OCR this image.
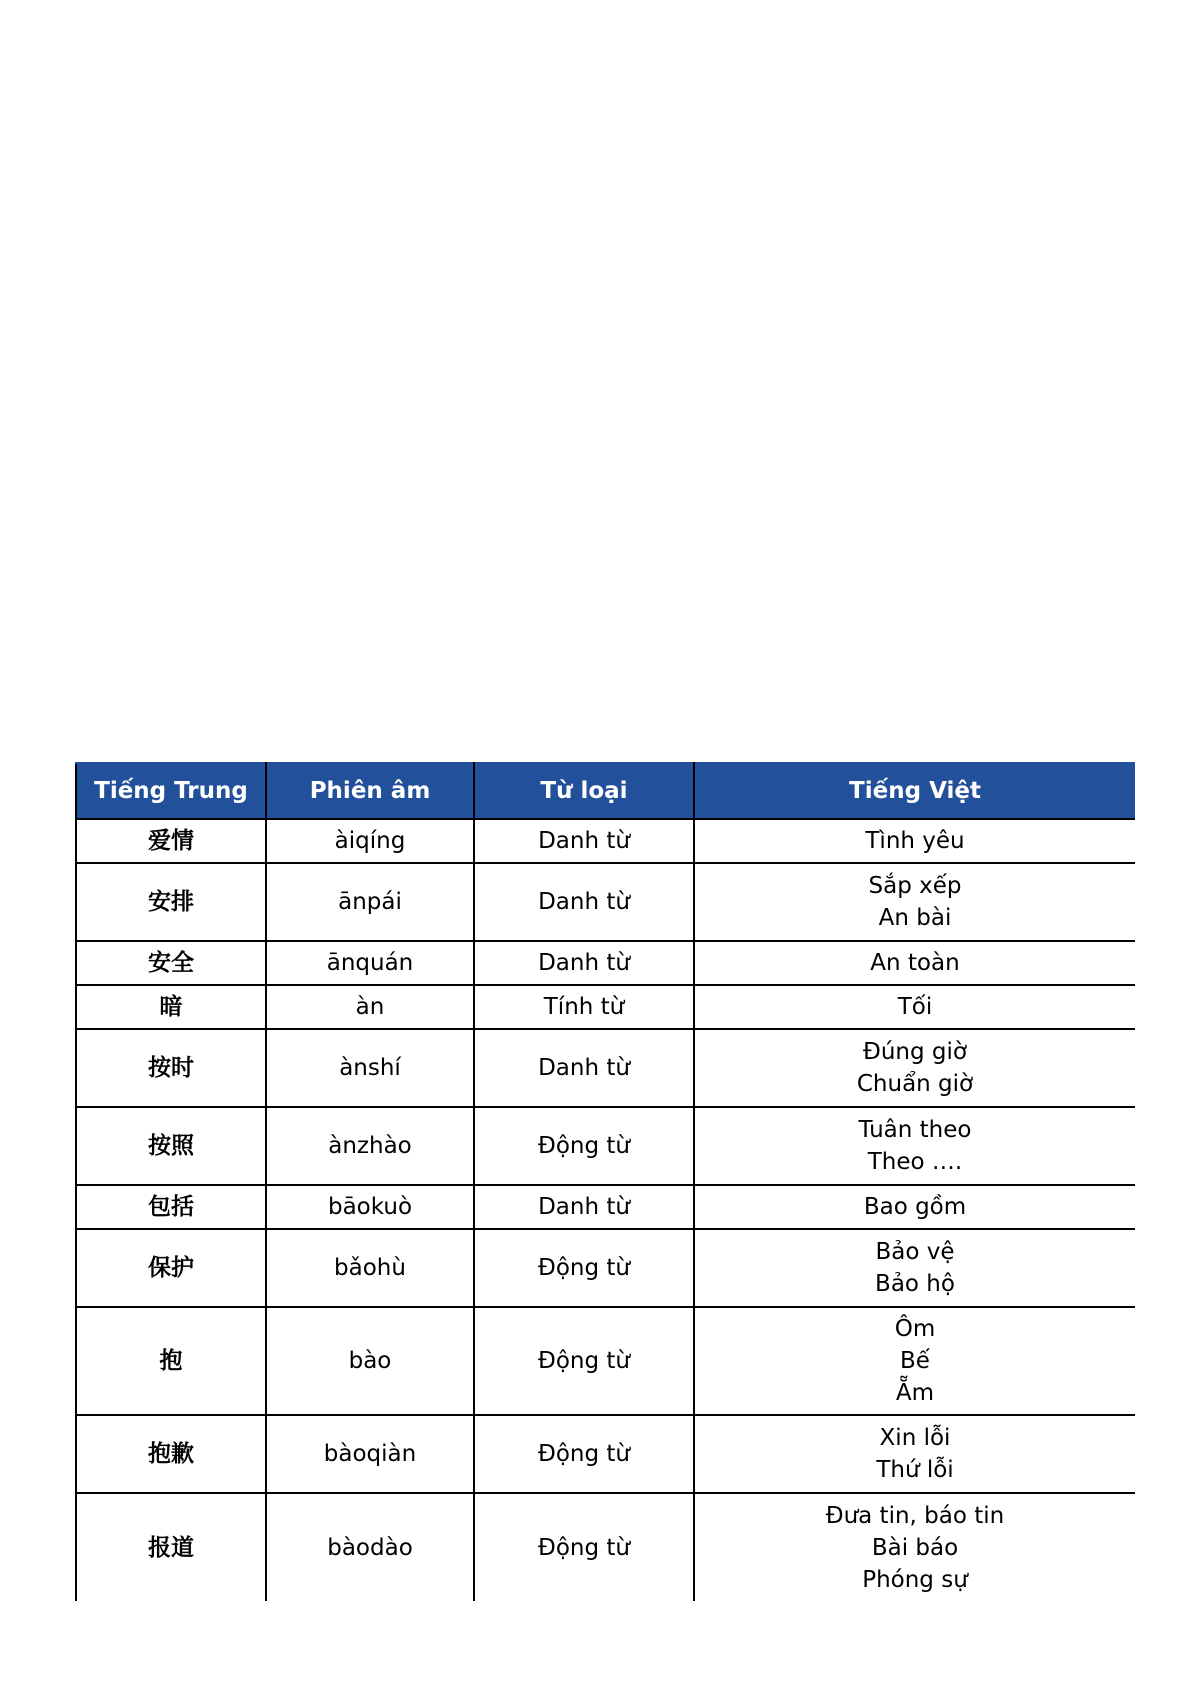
Tiếng Trung	Phiên âm	Từ loại	Tiếng Việt
爱情	àiqíng	Danh từ	Tình yêu

安排	ānpái	Danh từ	Sắp xếp
An bài

安全	ānquán	Danh từ	An toàn

暗	àn	Tính từ	Tối

按时	ànshí	Danh từ	Đúng giờ
Chuẩn giờ

按照	ànzhào	Động từ	Tuân theo
Theo ….

包括	bāokuò	Danh từ	Bao gồm

保护	bǎohù	Động từ	Bảo vệ
Bảo hộ

抱	bào	Động từ	Ôm
Bế
Ẵm

抱歉	bàoqiàn	Động từ	Xin lỗi
Thứ lỗi

报道	bàodào	Động từ	Đưa tin, báo tin
Bài báo
Phóng sự
